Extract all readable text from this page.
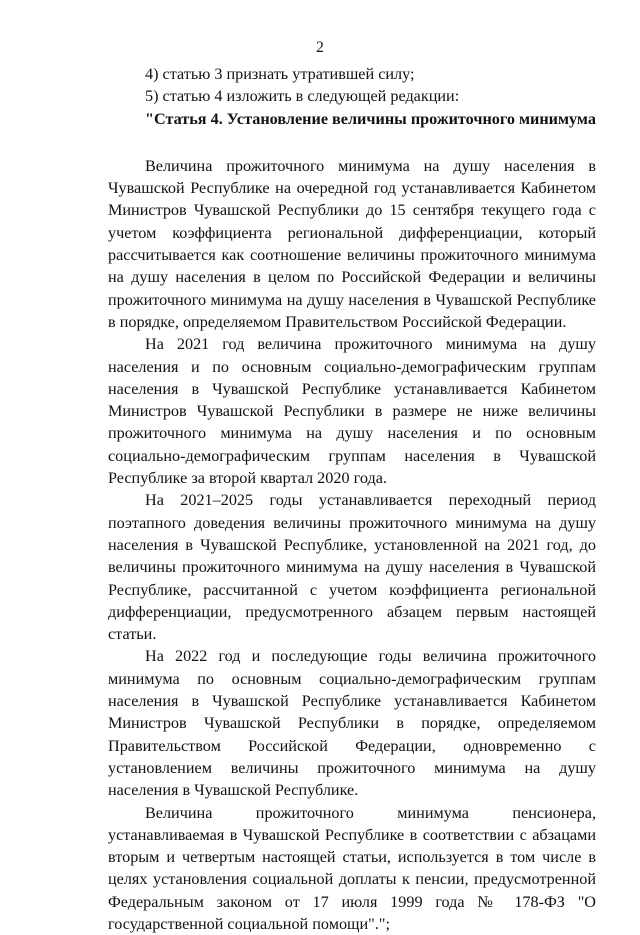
2
4) статью 3 признать утратившей силу;
5) статью 4 изложить в следующей редакции:
"Статья 4. Установление величины прожиточного минимума

Величина прожиточного минимума на душу населения в Чувашской Республике на очередной год устанавливается Кабинетом Министров Чувашской Республики до 15 сентября текущего года с учетом коэффициента региональной дифференциации, который рассчитывается как соотношение величины прожиточного минимума на душу населения в целом по Российской Федерации и величины прожиточного минимума на душу населения в Чувашской Республике в порядке, определяемом Правительством Российской Федерации.

На 2021 год величина прожиточного минимума на душу населения и по основным социально-демографическим группам населения в Чувашской Республике устанавливается Кабинетом Министров Чувашской Республики в размере не ниже величины прожиточного минимума на душу населения и по основным социально-демографическим группам населения в Чувашской Республике за второй квартал 2020 года.

На 2021–2025 годы устанавливается переходный период поэтапного доведения величины прожиточного минимума на душу населения в Чувашской Республике, установленной на 2021 год, до величины прожиточного минимума на душу населения в Чувашской Республике, рассчитанной с учетом коэффициента региональной дифференциации, предусмотренного абзацем первым настоящей статьи.

На 2022 год и последующие годы величина прожиточного минимума по основным социально-демографическим группам населения в Чувашской Республике устанавливается Кабинетом Министров Чувашской Республики в порядке, определяемом Правительством Российской Федерации, одновременно с установлением величины прожиточного минимума на душу населения в Чувашской Республике.

Величина прожиточного минимума пенсионера, устанавливаемая в Чувашской Республике в соответствии с абзацами вторым и четвертым настоящей статьи, используется в том числе в целях установления социальной доплаты к пенсии, предусмотренной Федеральным законом от 17 июля 1999 года № 178-ФЗ "О государственной социальной помощи".";
